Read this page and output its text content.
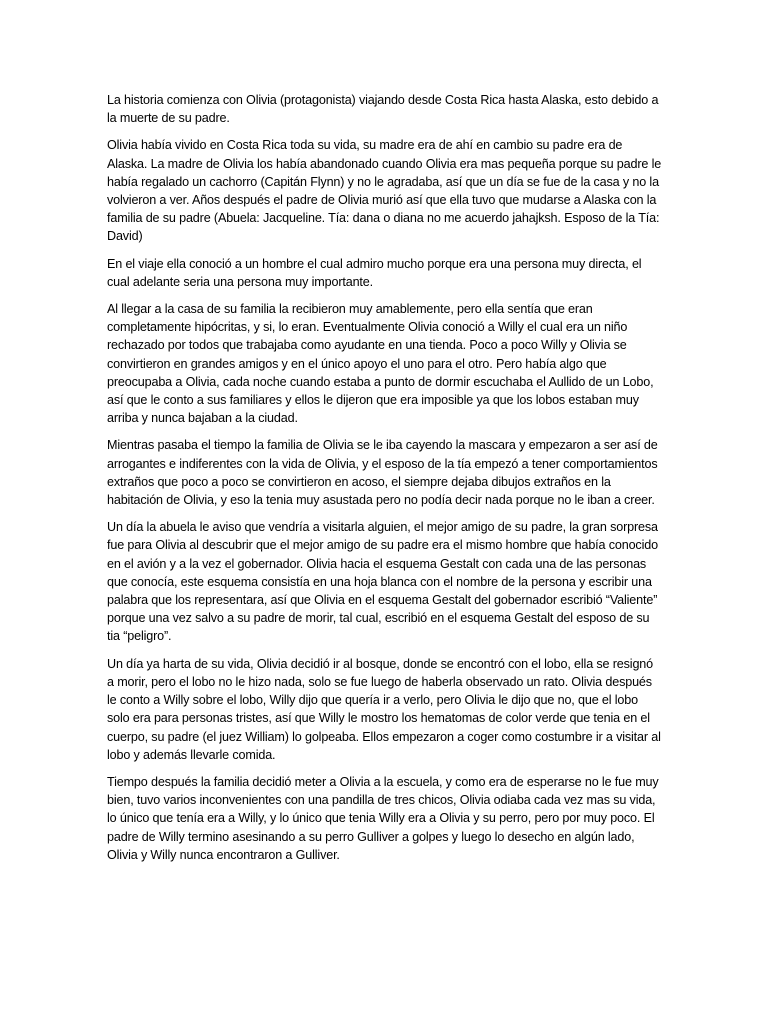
La historia comienza con Olivia (protagonista) viajando desde Costa Rica hasta Alaska, esto debido a la muerte de su padre.

Olivia había vivido en Costa Rica toda su vida, su madre era de ahí en cambio su padre era de Alaska. La madre de Olivia los había abandonado cuando Olivia era mas pequeña porque su padre le había regalado un cachorro (Capitán Flynn) y no le agradaba, así que un día se fue de la casa y no la volvieron a ver. Años después el padre de Olivia murió así que ella tuvo que mudarse a Alaska con la familia de su padre (Abuela: Jacqueline. Tía: dana o diana no me acuerdo jahajksh. Esposo de la Tía: David)

En el viaje ella conoció a un hombre el cual admiro mucho porque era una persona muy directa, el cual adelante seria una persona muy importante.

Al llegar a la casa de su familia la recibieron muy amablemente, pero ella sentía que eran completamente hipócritas, y si, lo eran. Eventualmente Olivia conoció a Willy el cual era un niño rechazado por todos que trabajaba como ayudante en una tienda. Poco a poco Willy y Olivia se convirtieron en grandes amigos y en el único apoyo el uno para el otro. Pero había algo que preocupaba a Olivia, cada noche cuando estaba a punto de dormir escuchaba el Aullido de un Lobo, así que le conto a sus familiares y ellos le dijeron que era imposible ya que los lobos estaban muy arriba y nunca bajaban a la ciudad.

Mientras pasaba el tiempo la familia de Olivia se le iba cayendo la mascara y empezaron a ser así de arrogantes e indiferentes con la vida de Olivia, y el esposo de la tía empezó a tener comportamientos extraños que poco a poco se convirtieron en acoso, el siempre dejaba dibujos extraños en la habitación de Olivia, y eso la tenia muy asustada pero no podía decir nada porque no le iban a creer.

Un día la abuela le aviso que vendría a visitarla alguien, el mejor amigo de su padre, la gran sorpresa fue para Olivia al descubrir que el mejor amigo de su padre era el mismo hombre que había conocido en el avión y a la vez el gobernador. Olivia hacia el esquema Gestalt con cada una de las personas que conocía, este esquema consistía en una hoja blanca con el nombre de la persona y escribir una palabra que los representara, así que Olivia en el esquema Gestalt del gobernador escribió “Valiente” porque una vez salvo a su padre de morir, tal cual, escribió en el esquema Gestalt del esposo de su tia “peligro”.

Un día ya harta de su vida, Olivia decidió ir al bosque, donde se encontró con el lobo, ella se resignó a morir, pero el lobo no le hizo nada, solo se fue luego de haberla observado un rato. Olivia después le conto a Willy sobre el lobo, Willy dijo que quería ir a verlo, pero Olivia le dijo que no, que el lobo solo era para personas tristes, así que Willy le mostro los hematomas de color verde que tenia en el cuerpo, su padre (el juez William) lo golpeaba. Ellos empezaron a coger como costumbre ir a visitar al lobo y además llevarle comida.

Tiempo después la familia decidió meter a Olivia a la escuela, y como era de esperarse no le fue muy bien, tuvo varios inconvenientes con una pandilla de tres chicos, Olivia odiaba cada vez mas su vida, lo único que tenía era a Willy, y lo único que tenia Willy era a Olivia y su perro, pero por muy poco. El padre de Willy termino asesinando a su perro Gulliver a golpes y luego lo desecho en algún lado, Olivia y Willy nunca encontraron a Gulliver.
